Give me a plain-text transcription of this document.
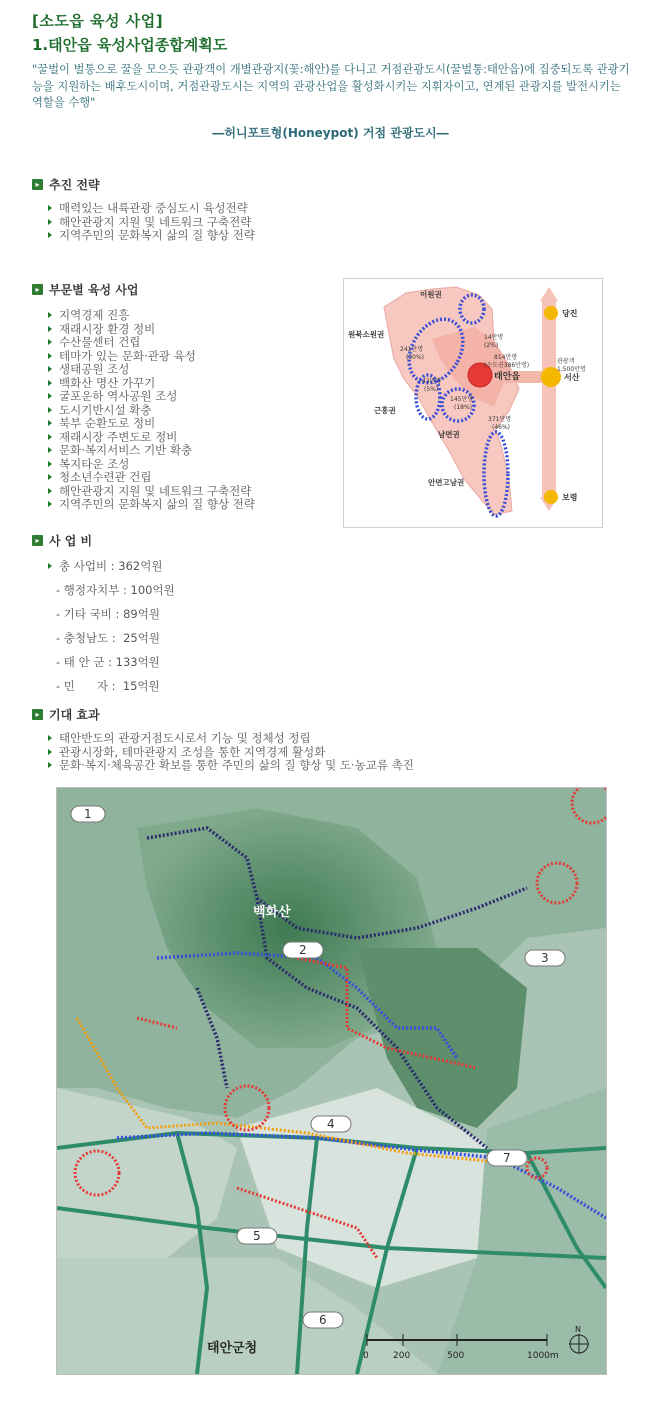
[소도읍 육성 사업]
1.태안읍 육성사업종합계획도
"꿀벌이 벌통으로 꿀을 모으듯 관광객이 개별관광지(꽃:해안)를 다니고 거점관광도시(꿀벌통:태안읍)에 집중되도록 관광기능을 지원하는 배후도시이며, 거점관광도시는 지역의 관광산업을 활성화시키는 지휘자이고, 연계된 관광지를 발전시키는 역할을 수행"
―허니포트형(Honeypot) 거점 관광도시―
▸ 추진 전략
매력있는 내륙관광 중심도시 육성전략
해안관광지 지원 및 네트워크 구축전략
지역주민의 문화복지 삶의 질 향상 전략
▸ 부문별 육성 사업
지역경제 진흥
재래시장 환경 정비
수산물센터 건립
테마가 있는 문화·관광 육성
생태공원 조성
백화산 명산 가꾸기
굴포운하 역사공원 조성
도시기반시설 확충
북부 순환도로 정비
재래시장 주변도로 정비
문화·복지서비스 기반 확충
복지타운 조성
청소년수련관 건립
해안관광지 지원 및 네트워크 구축전략
지역주민의 문화복지 삶의 질 향상 전략
이원권
원북소원권
근흥권
남면권
안면고남권
14만명
(2%)
241만명
(30%)	814만명
(수도권386만명)
43만명
(5%)
145만명
(18%)
371만명
(46%)
관광객
1,500만명
태안읍
당진
서산
보령
▸ 사 업 비
총 사업비 : 362억원
- 행정자치부 : 100억원
- 기타 국비 : 89억원
- 충청남도 :  25억원
- 태 안 군 : 133억원
- 민      자 :  15억원
▸ 기대 효과
태안반도의 관광거점도시로서 기능 및 정체성 정립
관광시장화, 테마관광지 조성을 통한 지역경제 활성화
문화·복지·체육공간 확보를 통한 주민의 삶의 질 향상 및 도·농교류 촉진
1
2
3
4
5
6
7
백화산
태안군청	0	200	500	1000m
N
